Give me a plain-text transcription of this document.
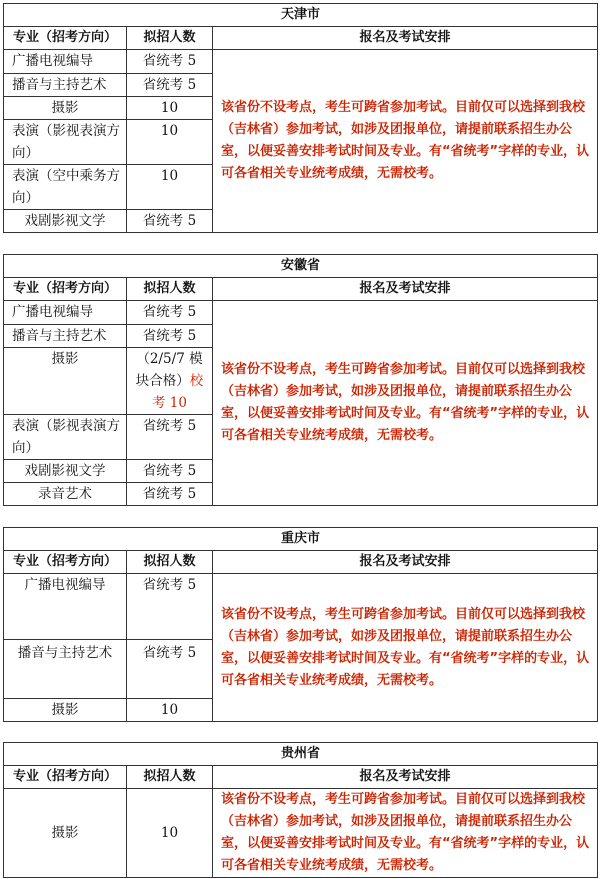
天津市		
专业（招考方向）	拟招人数	报名及考试安排
广播电视编导	省统考 5	该省份不设考点，考生可跨省参加考试。目前仅可以选择到我校（吉林省）参加考试，如涉及团报单位，请提前联系招生办公室，以便妥善安排考试时间及专业。有“省统考”字样的专业，认可各省相关专业统考成绩，无需校考。
播音与主持艺术	省统考 5	
摄影	10	
表演（影视表演方向）	10	
表演（空中乘务方向）	10	
戏剧影视文学	省统考 5	
安徽省		
专业（招考方向）	拟招人数	报名及考试安排
广播电视编导	省统考 5	该省份不设考点，考生可跨省参加考试。目前仅可以选择到我校（吉林省）参加考试，如涉及团报单位，请提前联系招生办公室，以便妥善安排考试时间及专业。有“省统考”字样的专业，认可各省相关专业统考成绩，无需校考。
播音与主持艺术	省统考 5	
摄影	（2/5/7 模块合格）校考 10	
表演（影视表演方向）	省统考 5	
戏剧影视文学	省统考 5	
录音艺术	省统考 5	
重庆市		
专业（招考方向）	拟招人数	报名及考试安排
广播电视编导	省统考 5	该省份不设考点，考生可跨省参加考试。目前仅可以选择到我校（吉林省）参加考试，如涉及团报单位，请提前联系招生办公室，以便妥善安排考试时间及专业。有“省统考”字样的专业，认可各省相关专业统考成绩，无需校考。
播音与主持艺术	省统考 5	
摄影	10	
贵州省		
专业（招考方向）	拟招人数	报名及考试安排
摄影	10	该省份不设考点，考生可跨省参加考试。目前仅可以选择到我校（吉林省）参加考试，如涉及团报单位，请提前联系招生办公室，以便妥善安排考试时间及专业。有“省统考”字样的专业，认可各省相关专业统考成绩，无需校考。
